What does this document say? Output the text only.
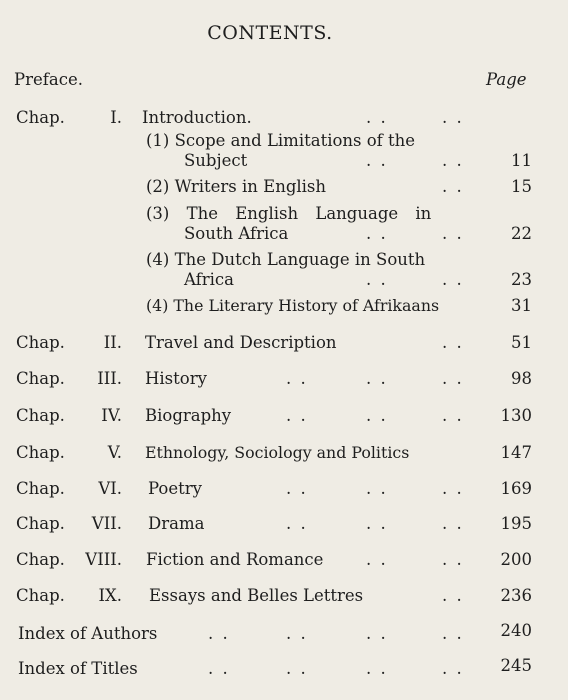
CONTENTS.
Preface.	Page
Chap.	I. Introduction.	. .	. .
(1) Scope and Limitations of the
Subject	. .	. .	11
(2) Writers in English	. .	15
(3) The English Language in
South Africa	. .	. .	22
(4) The Dutch Language in South
Africa	. .	. .	23
(4) The Literary History of Afrikaans	31
Chap.	II. Travel and Description	. .	51
Chap.	III. History	. .	. .	. .	98
Chap.	IV. Biography	. .	. .	. .	130
Chap.	V. Ethnology, Sociology and Politics	147
Chap.	VI. Poetry	. .	. .	. .	169
Chap.	VII. Drama	. .	. .	. .	195
Chap.	VIII. Fiction and Romance	. .	. .	200
Chap.	IX. Essays and Belles Lettres	. .	236
Index of Authors	. .	. .	. .	. .	240
Index of Titles	. .	. .	. .	. .	245
